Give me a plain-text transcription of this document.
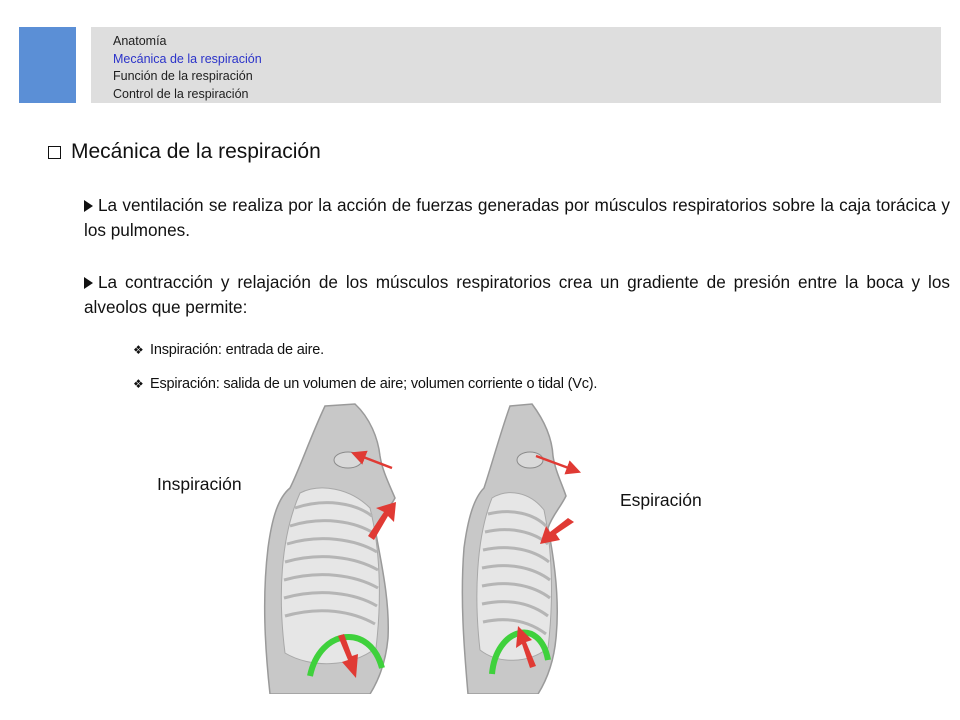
Anatomía
Mecánica de la respiración
Función de la respiración
Control de la respiración
Mecánica de la respiración
La ventilación se realiza por la acción de fuerzas generadas por músculos respiratorios sobre la caja torácica y los pulmones.
La contracción y relajación de los músculos respiratorios crea un gradiente de presión entre la boca y los alveolos que permite:
❖ Inspiración: entrada de aire.
❖ Espiración: salida de un volumen de aire; volumen corriente o tidal (Vc).
Inspiración
Espiración
